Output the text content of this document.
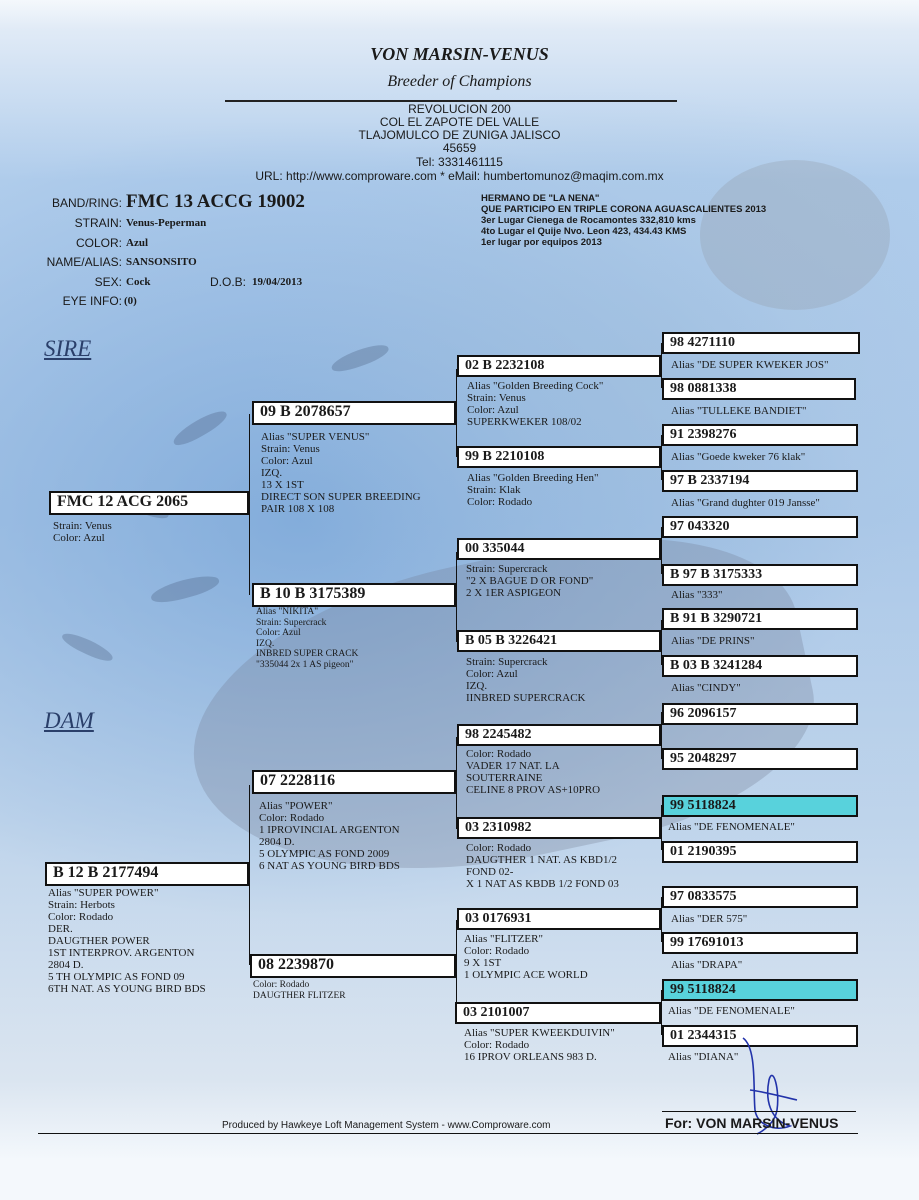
VON MARSIN-VENUS
Breeder of Champions
REVOLUCION 200
COL EL ZAPOTE DEL VALLE
TLAJOMULCO DE ZUNIGA JALISCO
45659
Tel: 3331461115
URL: http://www.comproware.com * eMail: humbertomunoz@maqim.com.mx
BAND/RING: FMC 13 ACCG 19002
STRAIN: Venus-Peperman
COLOR: Azul
NAME/ALIAS: SANSONSITO
SEX: Cock	D.O.B: 19/04/2013
EYE INFO: (0)
HERMANO DE "LA NENA"
QUE PARTICIPO EN TRIPLE CORONA AGUASCALIENTES 2013
3er Lugar Cienega de Rocamontes 332,810 kms
4to Lugar el Quije Nvo. Leon 423, 434.43 KMS
1er lugar por equipos 2013
SIRE
DAM
FMC 12 ACG 2065
Strain: Venus
Color: Azul
B 12 B 2177494
Alias "SUPER POWER"
Strain: Herbots
Color: Rodado
DER.
DAUGTHER POWER
1ST INTERPROV. ARGENTON
2804 D.
5 TH OLYMPIC AS FOND 09
6TH NAT. AS YOUNG BIRD BDS
09 B 2078657
Alias "SUPER VENUS"
Strain: Venus
Color: Azul
IZQ.
13 X 1ST
DIRECT SON SUPER BREEDING
PAIR 108 X 108
B 10 B 3175389
Alias "NIKITA"
Strain: Supercrack
Color: Azul
IZQ.
INBRED SUPER CRACK
"335044 2x 1 AS pigeon"
07 2228116
Alias "POWER"
Color: Rodado
1 IPROVINCIAL ARGENTON
2804 D.
5 OLYMPIC AS FOND 2009
6 NAT AS YOUNG BIRD BDS
08 2239870
Color: Rodado
DAUGTHER FLITZER
02 B 2232108
Alias "Golden Breeding Cock"
Strain: Venus
Color: Azul
SUPERKWEKER 108/02
99 B 2210108
Alias "Golden Breeding Hen"
Strain: Klak
Color: Rodado
00 335044
Strain: Supercrack
"2 X BAGUE D OR FOND"
2 X 1ER ASPIGEON
B 05 B 3226421
Strain: Supercrack
Color: Azul
IZQ.
IINBRED SUPERCRACK
98 2245482
Color: Rodado
VADER 17 NAT. LA
SOUTERRAINE
CELINE 8 PROV AS+10PRO
03 2310982
Color: Rodado
DAUGTHER 1 NAT. AS KBD1/2
FOND 02-
X 1 NAT AS KBDB 1/2 FOND 03
03 0176931
Alias "FLITZER"
Color: Rodado
9 X 1ST
1 OLYMPIC ACE WORLD
03 2101007
Alias "SUPER KWEEKDUIVIN"
Color: Rodado
16 IPROV ORLEANS 983 D.
98 4271110
Alias "DE SUPER KWEKER JOS"
98 0881338
Alias "TULLEKE BANDIET"
91 2398276
Alias "Goede kweker 76 klak"
97 B 2337194
Alias "Grand dughter 019 Jansse"
97 043320
B 97 B 3175333
Alias "333"
B 91 B 3290721
Alias "DE PRINS"
B 03 B 3241284
Alias "CINDY"
96 2096157
95 2048297
99 5118824
Alias "DE FENOMENALE"
01 2190395
97 0833575
Alias "DER 575"
99 17691013
Alias "DRAPA"
99 5118824
Alias "DE FENOMENALE"
01 2344315
Alias "DIANA"
Produced by Hawkeye Loft Management System - www.Comproware.com	For: VON MARSIN-VENUS
